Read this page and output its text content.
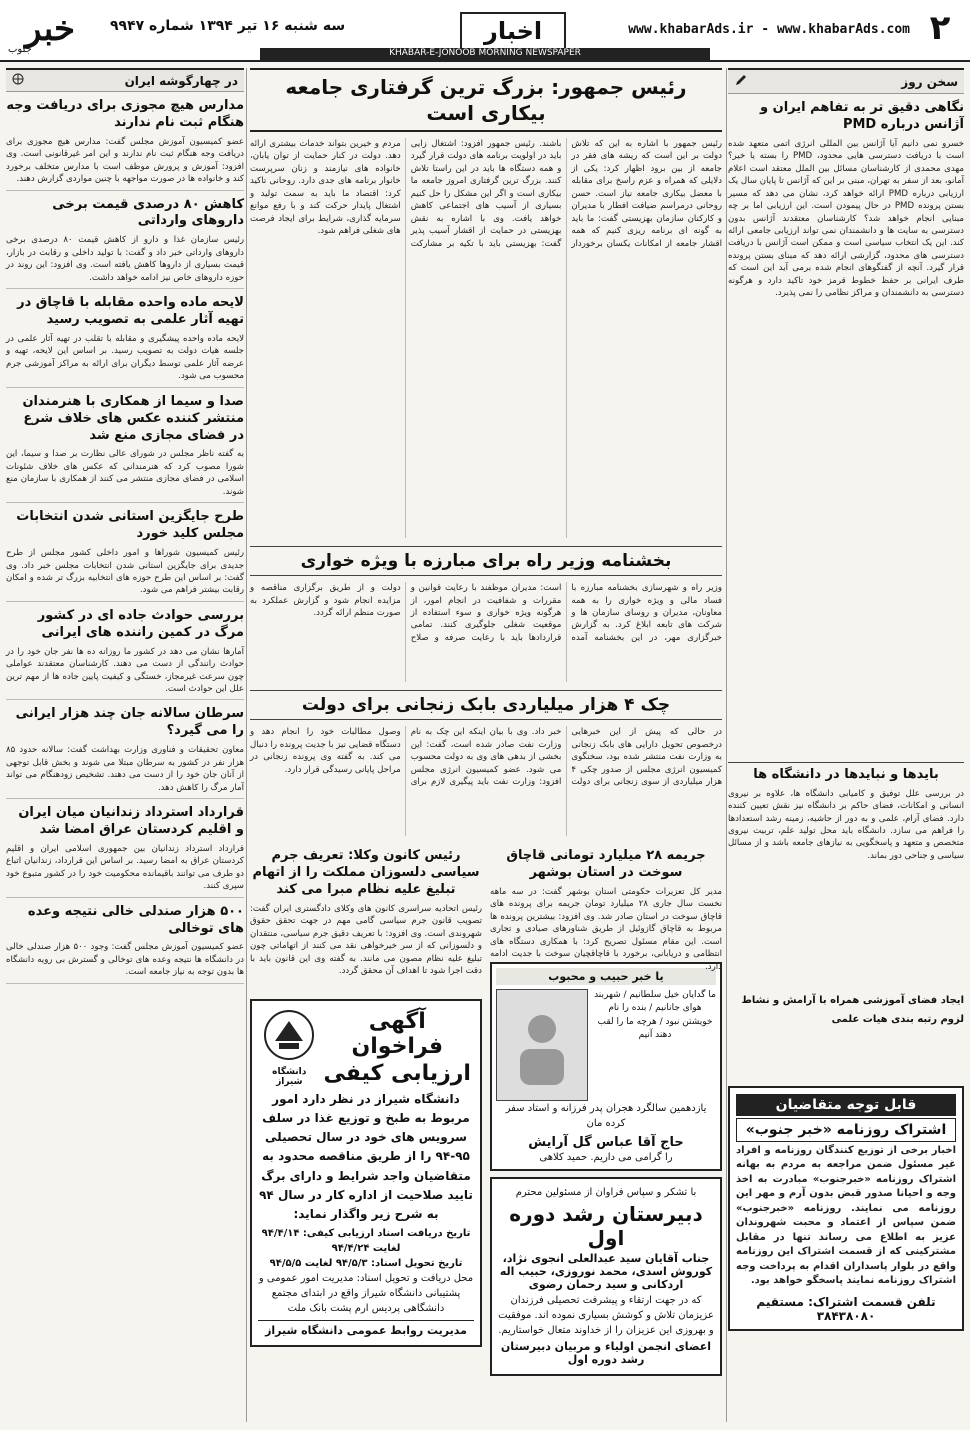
خبر
جنوب
سه شنبه ۱۶ تیر ۱۳۹۴ شماره ۹۹۴۷	اخبار
KHABAR-E-JONOOB MORNING NEWSPAPER
www.khabarAds.ir - www.khabarAds.com ۲
سخن روز
نگاهی دقیق تر به تفاهم ایران و آژانس درباره PMD
خسرو نمی دانیم آیا آژانس بین المللی انرژی اتمی متعهد شده است با دریافت دسترسی هایی محدود، PMD را بسته یا خیر؟ مهدی محمدی از کارشناسان مسائل بین الملل معتقد است اعلام آمانو، بعد از سفر به تهران، مبنی بر این که آژانس تا پایان سال یک ارزیابی درباره PMD ارائه خواهد کرد، نشان می دهد که مسیر بستن پرونده PMD در حال پیمودن است. این ارزیابی اما بر چه مبنایی انجام خواهد شد؟ کارشناسان معتقدند آژانس بدون دسترسی به سایت ها و دانشمندان نمی تواند ارزیابی جامعی ارائه کند. این یک انتخاب سیاسی است و ممکن است آژانس با دریافت دسترسی های محدود، گزارشی ارائه دهد که مبنای بستن پرونده قرار گیرد. آنچه از گفتگوهای انجام شده برمی آید این است که طرف ایرانی بر حفظ خطوط قرمز خود تاکید دارد و هرگونه دسترسی به دانشمندان و مراکز نظامی را نمی پذیرد.
بایدها و نبایدها در دانشگاه ها
در بررسی علل توفیق و کامیابی دانشگاه ها، علاوه بر نیروی انسانی و امکانات، فضای حاکم بر دانشگاه نیز نقش تعیین کننده دارد. فضای آرام، علمی و به دور از حاشیه، زمینه رشد استعدادها را فراهم می سازد. دانشگاه باید محل تولید علم، تربیت نیروی متخصص و متعهد و پاسخگویی به نیازهای جامعه باشد و از مسائل سیاسی و جناحی دور بماند.
ایجاد فضای آموزشی همراه با آرامش و نشاط
لزوم رتبه بندی هیات علمی
قابل توجه متقاضیان
اشتراک روزنامه «خبر جنوب»
اخبار برخی از توزیع کنندگان روزنامه و افراد غیر مسئول ضمن مراجعه به مردم به بهانه اشتراک روزنامه «خبرجنوب» مبادرت به اخذ وجه و احیانا صدور قبض بدون آرم و مهر این روزنامه می نمایند. روزنامه «خبرجنوب» ضمن سپاس از اعتماد و محبت شهروندان عزیز به اطلاع می رساند تنها در مقابل مشترکینی که از قسمت اشتراک این روزنامه واقع در بلوار پاسداران اقدام به پرداخت وجه اشتراک روزنامه نمایند پاسخگو خواهد بود.
تلفن قسمت اشتراک: مستقیم ۳۸۴۳۸۰۸۰
رئیس جمهور: بزرگ ترین گرفتاری جامعه بیکاری است
رئیس جمهور با اشاره به این که تلاش دولت بر این است که ریشه های فقر در جامعه از بین برود اظهار کرد: یکی از دلایلی که همراه و عزم راسخ برای مقابله با معضل بیکاری جامعه نیاز است. حسن روحانی درمراسم ضیافت افطار با مدیران و کارکنان سازمان بهزیستی گفت: ما باید به گونه ای برنامه ریزی کنیم که همه اقشار جامعه از امکانات یکسان برخوردار باشند. رئیس جمهور افزود: اشتغال زایی باید در اولویت برنامه های دولت قرار گیرد و همه دستگاه ها باید در این راستا تلاش کنند. بزرگ ترین گرفتاری امروز جامعه ما بیکاری است و اگر این مشکل را حل کنیم بسیاری از آسیب های اجتماعی کاهش خواهد یافت. وی با اشاره به نقش بهزیستی در حمایت از اقشار آسیب پذیر گفت: بهزیستی باید با تکیه بر مشارکت مردم و خیرین بتواند خدمات بیشتری ارائه دهد. دولت در کنار حمایت از توان یابان، خانواده های نیازمند و زنان سرپرست خانوار برنامه های جدی دارد. روحانی تاکید کرد: اقتصاد ما باید به سمت تولید و اشتغال پایدار حرکت کند و با رفع موانع سرمایه گذاری، شرایط برای ایجاد فرصت های شغلی فراهم شود.
بخشنامه وزیر راه برای مبارزه با ویژه خواری
وزیر راه و شهرسازی بخشنامه مبارزه با فساد مالی و ویژه خواری را به همه معاونان، مدیران و روسای سازمان ها و شرکت های تابعه ابلاغ کرد. به گزارش خبرگزاری مهر، در این بخشنامه آمده است: مدیران موظفند با رعایت قوانین و مقررات و شفافیت در انجام امور، از هرگونه ویژه خواری و سوء استفاده از موقعیت شغلی جلوگیری کنند. تمامی قراردادها باید با رعایت صرفه و صلاح دولت و از طریق برگزاری مناقصه و مزایده انجام شود و گزارش عملکرد به صورت منظم ارائه گردد.
چک ۴ هزار میلیاردی بابک زنجانی برای دولت
در حالی که پیش از این خبرهایی درخصوص تحویل دارایی های بابک زنجانی به وزارت نفت منتشر شده بود، سخنگوی کمیسیون انرژی مجلس از صدور چکی ۴ هزار میلیاردی از سوی زنجانی برای دولت خبر داد. وی با بیان اینکه این چک به نام وزارت نفت صادر شده است، گفت: این بخشی از بدهی های وی به دولت محسوب می شود. عضو کمیسیون انرژی مجلس افزود: وزارت نفت باید پیگیری لازم برای وصول مطالبات خود را انجام دهد و دستگاه قضایی نیز با جدیت پرونده را دنبال می کند. به گفته وی پرونده زنجانی در مراحل پایانی رسیدگی قرار دارد.
جریمه ۲۸ میلیارد تومانی قاچاق سوخت در استان بوشهر
مدیر کل تعزیرات حکومتی استان بوشهر گفت: در سه ماهه نخست سال جاری ۲۸ میلیارد تومان جریمه برای پرونده های قاچاق سوخت در استان صادر شد. وی افزود: بیشترین پرونده ها مربوط به قاچاق گازوئیل از طریق شناورهای صیادی و تجاری است. این مقام مسئول تصریح کرد: با همکاری دستگاه های انتظامی و دریابانی، برخورد با قاچاقچیان سوخت با جدیت ادامه دارد.
یا خبر حبیب و محبوب
ما گدایان خیل سلطانیم / شهربند هوای جانانیم / بنده را نام خویشتن نبود / هرچه ما را لقب دهند آنیم
یازدهمین سالگرد هجران پدر فرزانه و استاد سفر کرده مان
حاج آقا عباس گل آرایش
را گرامی می داریم. حمید کلاهی
با تشکر و سپاس فراوان از مسئولین محترم
دبیرستان رشد دوره اول
جناب آقایان سید عبدالعلی انجوی نژاد، کوروش اسدی، محمد نوروزی، حبیب اله اردکانی و سید رحمان رضوی
که در جهت ارتقاء و پیشرفت تحصیلی فرزندان عزیزمان تلاش و کوشش بسیاری نموده اند. موفقیت و بهروزی این عزیزان را از خداوند متعال خواستاریم.
اعضای انجمن اولیاء و مربیان دبیرستان رشد دوره اول
رئیس کانون وکلا: تعریف جرم سیاسی دلسوزان مملکت را از اتهام تبلیغ علیه نظام مبرا می کند
رئیس اتحادیه سراسری کانون های وکلای دادگستری ایران گفت: تصویب قانون جرم سیاسی گامی مهم در جهت تحقق حقوق شهروندی است. وی افزود: با تعریف دقیق جرم سیاسی، منتقدان و دلسوزانی که از سر خیرخواهی نقد می کنند از اتهاماتی چون تبلیغ علیه نظام مصون می مانند. به گفته وی این قانون باید با دقت اجرا شود تا اهداف آن محقق گردد.
آگهی فراخوان
ارزیابی کیفی
دانشگاه شیراز
دانشگاه شیراز در نظر دارد امور مربوط به طبخ و توزیع غذا در سلف سرویس های خود در سال تحصیلی ۹۵-۹۴ را از طریق مناقصه محدود به متقاضیان واجد شرایط و دارای برگ تایید صلاحیت از اداره کار در سال ۹۴ به شرح زیر واگذار نماید:
تاریخ دریافت اسناد ارزیابی کیفی: ۹۴/۴/۱۴ لغایت ۹۴/۴/۲۴
تاریخ تحویل اسناد: ۹۴/۵/۳ لغایت ۹۴/۵/۵
محل دریافت و تحویل اسناد: مدیریت امور عمومی و پشتیبانی دانشگاه شیراز واقع در ابتدای مجتمع دانشگاهی پردیس ارم پشت بانک ملت
مدیریت روابط عمومی دانشگاه شیراز
در چهارگوشه ایران
مدارس هیچ مجوزی برای دریافت وجه هنگام ثبت نام ندارند
عضو کمیسیون آموزش مجلس گفت: مدارس هیچ مجوزی برای دریافت وجه هنگام ثبت نام ندارند و این امر غیرقانونی است. وی افزود: آموزش و پرورش موظف است با مدارس متخلف برخورد کند و خانواده ها در صورت مواجهه با چنین مواردی گزارش دهند.
کاهش ۸۰ درصدی قیمت برخی داروهای وارداتی
رئیس سازمان غذا و دارو از کاهش قیمت ۸۰ درصدی برخی داروهای وارداتی خبر داد و گفت: با تولید داخلی و رقابت در بازار، قیمت بسیاری از داروها کاهش یافته است. وی افزود: این روند در حوزه داروهای خاص نیز ادامه خواهد داشت.
لایحه ماده واحده مقابله با قاچاق در تهیه آثار علمی به تصویب رسید
لایحه ماده واحده پیشگیری و مقابله با تقلب در تهیه آثار علمی در جلسه هیات دولت به تصویب رسید. بر اساس این لایحه، تهیه و عرضه آثار علمی توسط دیگران برای ارائه به مراکز آموزشی جرم محسوب می شود.
صدا و سیما از همکاری با هنرمندان منتشر کننده عکس های خلاف شرع در فضای مجازی منع شد
به گفته ناظر مجلس در شورای عالی نظارت بر صدا و سیما، این شورا مصوب کرد که هنرمندانی که عکس های خلاف شئونات اسلامی در فضای مجازی منتشر می کنند از همکاری با سازمان منع شوند.
طرح جایگزین استانی شدن انتخابات مجلس کلید خورد
رئیس کمیسیون شوراها و امور داخلی کشور مجلس از طرح جدیدی برای جایگزین استانی شدن انتخابات مجلس خبر داد. وی گفت: بر اساس این طرح حوزه های انتخابیه بزرگ تر شده و امکان رقابت بیشتر فراهم می شود.
بررسی حوادث جاده ای در کشور مرگ در کمین راننده های ایرانی
آمارها نشان می دهد در کشور ما روزانه ده ها نفر جان خود را در حوادث رانندگی از دست می دهند. کارشناسان معتقدند عواملی چون سرعت غیرمجاز، خستگی و کیفیت پایین جاده ها از مهم ترین علل این حوادث است.
سرطان سالانه جان چند هزار ایرانی را می گیرد؟
معاون تحقیقات و فناوری وزارت بهداشت گفت: سالانه حدود ۸۵ هزار نفر در کشور به سرطان مبتلا می شوند و بخش قابل توجهی از آنان جان خود را از دست می دهند. تشخیص زودهنگام می تواند آمار مرگ را کاهش دهد.
قرارداد استرداد زندانیان میان ایران و اقلیم کردستان عراق امضا شد
قرارداد استرداد زندانیان بین جمهوری اسلامی ایران و اقلیم کردستان عراق به امضا رسید. بر اساس این قرارداد، زندانیان اتباع دو طرف می توانند باقیمانده محکومیت خود را در کشور متبوع خود سپری کنند.
۵۰۰ هزار صندلی خالی نتیجه وعده های توخالی
عضو کمیسیون آموزش مجلس گفت: وجود ۵۰۰ هزار صندلی خالی در دانشگاه ها نتیجه وعده های توخالی و گسترش بی رویه دانشگاه ها بدون توجه به نیاز جامعه است.
